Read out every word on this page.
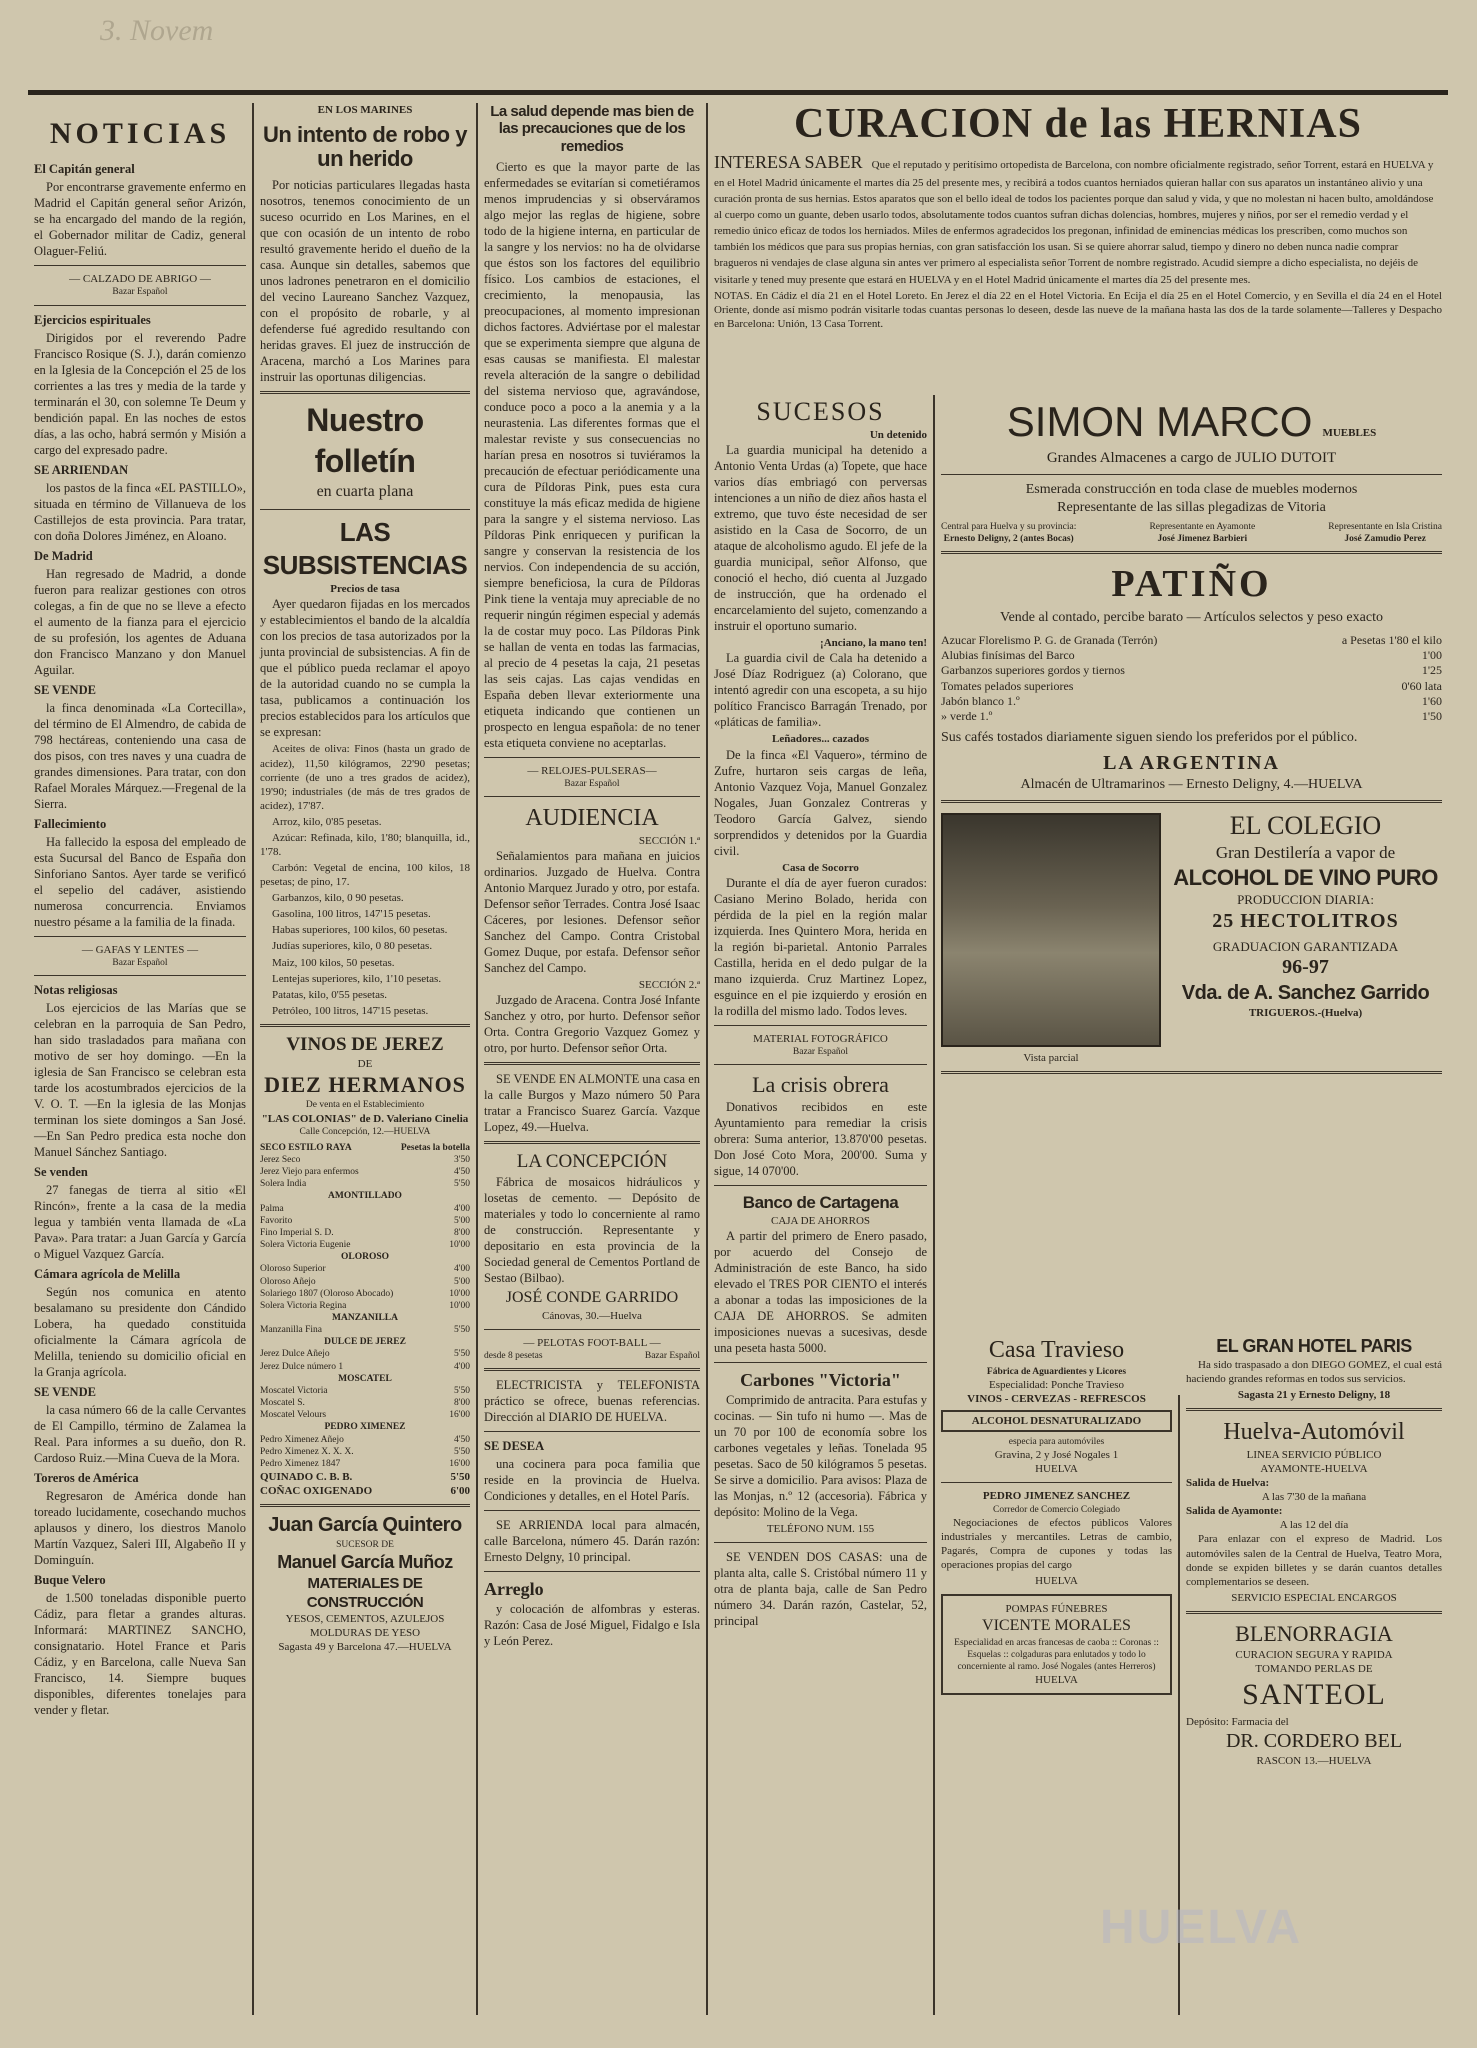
3. Novem
NOTICIAS
El Capitán general

Por encontrarse gravemente enfermo en Madrid el Capitán general señor Arizón, se ha encargado del mando de la región, el Gobernador militar de Cadiz, general Olaguer-Feliú.

— CALZADO DE ABRIGO —
Bazar Español
Ejercicios espirituales

Dirigidos por el reverendo Padre Francisco Rosique (S. J.), darán comienzo en la Iglesia de la Concepción el 25 de los corrientes a las tres y media de la tarde y terminarán el 30, con solemne Te Deum y bendición papal. En las noches de estos días, a las ocho, habrá sermón y Misión a cargo del expresado padre.

SE ARRIENDAN

los pastos de la finca «EL PASTILLO», situada en término de Villanueva de los Castillejos de esta provincia. Para tratar, con doña Dolores Jiménez, en Aloano.

De Madrid

Han regresado de Madrid, a donde fueron para realizar gestiones con otros colegas, a fin de que no se lleve a efecto el aumento de la fianza para el ejercicio de su profesión, los agentes de Aduana don Francisco Manzano y don Manuel Aguilar.

SE VENDE

la finca denominada «La Cortecilla», del término de El Almendro, de cabida de 798 hectáreas, conteniendo una casa de dos pisos, con tres naves y una cuadra de grandes dimensiones. Para tratar, con don Rafael Morales Márquez.—Fregenal de la Sierra.

Fallecimiento

Ha fallecido la esposa del empleado de esta Sucursal del Banco de España don Sinforiano Santos. Ayer tarde se verificó el sepelio del cadáver, asistiendo numerosa concurrencia. Enviamos nuestro pésame a la familia de la finada.

— GAFAS Y LENTES —
Bazar Español
Notas religiosas

Los ejercicios de las Marías que se celebran en la parroquia de San Pedro, han sido trasladados para mañana con motivo de ser hoy domingo. —En la iglesia de San Francisco se celebran esta tarde los acostumbrados ejercicios de la V. O. T. —En la iglesia de las Monjas terminan los siete domingos a San José. —En San Pedro predica esta noche don Manuel Sánchez Santiago.

Se venden

27 fanegas de tierra al sitio «El Rincón», frente a la casa de la media legua y también venta llamada de «La Pava». Para tratar: a Juan García y García o Miguel Vazquez García.

Cámara agrícola de Melilla

Según nos comunica en atento besalamano su presidente don Cándido Lobera, ha quedado constituida oficialmente la Cámara agrícola de Melilla, teniendo su domicilio oficial en la Granja agrícola.

SE VENDE

la casa número 66 de la calle Cervantes de El Campillo, término de Zalamea la Real. Para informes a su dueño, don R. Cardoso Ruiz.—Mina Cueva de la Mora.

Toreros de América

Regresaron de América donde han toreado lucidamente, cosechando muchos aplausos y dinero, los diestros Manolo Martín Vazquez, Saleri III, Algabeño II y Dominguín.

Buque Velero

de 1.500 toneladas disponible puerto Cádiz, para fletar a grandes alturas. Informará: MARTINEZ SANCHO, consignatario. Hotel France et Paris Cádiz, y en Barcelona, calle Nueva San Francisco, 14. Siempre buques disponibles, diferentes tonelajes para vender y fletar.

EN LOS MARINES
Un intento de robo y un herido

Por noticias particulares llegadas hasta nosotros, tenemos conocimiento de un suceso ocurrido en Los Marines, en el que con ocasión de un intento de robo resultó gravemente herido el dueño de la casa. Aunque sin detalles, sabemos que unos ladrones penetraron en el domicilio del vecino Laureano Sanchez Vazquez, con el propósito de robarle, y al defenderse fué agredido resultando con heridas graves. El juez de instrucción de Aracena, marchó a Los Marines para instruir las oportunas diligencias.

Nuestro folletín
en cuarta plana
LAS SUBSISTENCIAS
Precios de tasa

Ayer quedaron fijadas en los mercados y establecimientos el bando de la alcaldía con los precios de tasa autorizados por la junta provincial de subsistencias. A fin de que el público pueda reclamar el apoyo de la autoridad cuando no se cumpla la tasa, publicamos a continuación los precios establecidos para los artículos que se expresan:

Aceites de oliva: Finos (hasta un grado de acidez), 11,50 kilógramos, 22'90 pesetas; corriente (de uno a tres grados de acidez), 19'90; industriales (de más de tres grados de acidez), 17'87.

Arroz, kilo, 0'85 pesetas.

Azúcar: Refinada, kilo, 1'80; blanquilla, id., 1'78.

Carbón: Vegetal de encina, 100 kilos, 18 pesetas; de pino, 17.

Garbanzos, kilo, 0 90 pesetas.

Gasolina, 100 litros, 147'15 pesetas.

Habas superiores, 100 kilos, 60 pesetas.

Judías superiores, kilo, 0 80 pesetas.

Maiz, 100 kilos, 50 pesetas.

Lentejas superiores, kilo, 1'10 pesetas.

Patatas, kilo, 0'55 pesetas.

Petróleo, 100 litros, 147'15 pesetas.

VINOS DE JEREZ
DE
DIEZ HERMANOS
De venta en el Establecimiento
"LAS COLONIAS" de D. Valeriano Cinelia
Calle Concepción, 12.—HUELVA
SECO ESTILO RAYA	Pesetas la botella
Jerez Seco	3'50
Jerez Viejo para enfermos	4'50
Solera India	5'50
AMONTILLADO
Palma	4'00
Favorito	5'00
Fino Imperial S. D.	8'00
Solera Victoria Eugenie	10'00
OLOROSO
Oloroso Superior	4'00
Oloroso Añejo	5'00
Solariego 1807 (Oloroso Abocado)	10'00
Solera Victoria Regina	10'00
MANZANILLA
Manzanilla Fina	5'50
DULCE DE JEREZ
Jerez Dulce Añejo	5'50
Jerez Dulce número 1	4'00
MOSCATEL
Moscatel Victoria	5'50
Moscatel S.	8'00
Moscatel Velours	16'00
PEDRO XIMENEZ
Pedro Ximenez Añejo	4'50
Pedro Ximenez X. X. X.	5'50
Pedro Ximenez 1847	16'00
QUINADO C. B. B.	5'50
COÑAC OXIGENADO	6'00
Juan García Quintero
SUCESOR DE
Manuel García Muñoz
MATERIALES DE CONSTRUCCIÓN
YESOS, CEMENTOS, AZULEJOS
MOLDURAS DE YESO
Sagasta 49 y Barcelona 47.—HUELVA
La salud depende mas bien de las precauciones que de los remedios

Cierto es que la mayor parte de las enfermedades se evitarían si cometiéramos menos imprudencias y si observáramos algo mejor las reglas de higiene, sobre todo de la higiene interna, en particular de la sangre y los nervios: no ha de olvidarse que éstos son los factores del equilibrio físico. Los cambios de estaciones, el crecimiento, la menopausia, las preocupaciones, al momento impresionan dichos factores. Adviértase por el malestar que se experimenta siempre que alguna de esas causas se manifiesta. El malestar revela alteración de la sangre o debilidad del sistema nervioso que, agravándose, conduce poco a poco a la anemia y a la neurastenia. Las diferentes formas que el malestar reviste y sus consecuencias no harían presa en nosotros si tuviéramos la precaución de efectuar periódicamente una cura de Píldoras Pink, pues esta cura constituye la más eficaz medida de higiene para la sangre y el sistema nervioso. Las Píldoras Pink enriquecen y purifican la sangre y conservan la resistencia de los nervios. Con independencia de su acción, siempre beneficiosa, la cura de Píldoras Pink tiene la ventaja muy apreciable de no requerir ningún régimen especial y además la de costar muy poco. Las Píldoras Pink se hallan de venta en todas las farmacias, al precio de 4 pesetas la caja, 21 pesetas las seis cajas. Las cajas vendidas en España deben llevar exteriormente una etiqueta indicando que contienen un prospecto en lengua española: de no tener esta etiqueta conviene no aceptarlas.

— RELOJES-PULSERAS—
Bazar Español
AUDIENCIA
SECCIÓN 1.ª

Señalamientos para mañana en juicios ordinarios. Juzgado de Huelva. Contra Antonio Marquez Jurado y otro, por estafa. Defensor señor Terrades. Contra José Isaac Cáceres, por lesiones. Defensor señor Sanchez del Campo. Contra Cristobal Gomez Duque, por estafa. Defensor señor Sanchez del Campo.

SECCIÓN 2.ª

Juzgado de Aracena. Contra José Infante Sanchez y otro, por hurto. Defensor señor Orta. Contra Gregorio Vazquez Gomez y otro, por hurto. Defensor señor Orta.

SE VENDE EN ALMONTE una casa en la calle Burgos y Mazo número 50 Para tratar a Francisco Suarez García. Vazque Lopez, 49.—Huelva.

LA CONCEPCIÓN

Fábrica de mosaicos hidráulicos y losetas de cemento. — Depósito de materiales y todo lo concerniente al ramo de construcción. Representante y depositario en esta provincia de la Sociedad general de Cementos Portland de Sestao (Bilbao).

JOSÉ CONDE GARRIDO
Cánovas, 30.—Huelva
— PELOTAS FOOT-BALL —
desde 8 pesetas	Bazar Español

ELECTRICISTA y TELEFONISTA práctico se ofrece, buenas referencias. Dirección al DIARIO DE HUELVA.

SE DESEA

una cocinera para poca familia que reside en la provincia de Huelva. Condiciones y detalles, en el Hotel París.

SE ARRIENDA local para almacén, calle Barcelona, número 45. Darán razón: Ernesto Delgny, 10 principal.

Arreglo

y colocación de alfombras y esteras. Razón: Casa de José Miguel, Fidalgo e Isla y León Perez.

CURACION de las HERNIAS
INTERESA SABER Que el reputado y peritísimo ortopedista de Barcelona, con nombre oficialmente registrado, señor Torrent, estará en HUELVA y en el Hotel Madrid únicamente el martes día 25 del presente mes, y recibirá a todos cuantos herniados quieran hallar con sus aparatos un instantáneo alivio y una curación pronta de sus hernias. Estos aparatos que son el bello ideal de todos los pacientes porque dan salud y vida, y que no molestan ni hacen bulto, amoldándose al cuerpo como un guante, deben usarlo todos, absolutamente todos cuantos sufran dichas dolencias, hombres, mujeres y niños, por ser el remedio verdad y el remedio único eficaz de todos los herniados. Miles de enfermos agradecidos los pregonan, infinidad de eminencias médicas los prescriben, como muchos son también los médicos que para sus propias hernias, con gran satisfacción los usan. Si se quiere ahorrar salud, tiempo y dinero no deben nunca nadie comprar bragueros ni vendajes de clase alguna sin antes ver primero al especialista señor Torrent de nombre registrado. Acudid siempre a dicho especialista, no dejéis de visitarle y tened muy presente que estará en HUELVA y en el Hotel Madrid únicamente el martes día 25 del presente mes.
NOTAS. En Cádiz el día 21 en el Hotel Loreto. En Jerez el día 22 en el Hotel Victoria. En Ecija el día 25 en el Hotel Comercio, y en Sevilla el día 24 en el Hotel Oriente, donde así mismo podrán visitarle todas cuantas personas lo deseen, desde las nueve de la mañana hasta las dos de la tarde solamente—Talleres y Despacho en Barcelona: Unión, 13 Casa Torrent.
SUCESOS
Un detenido

La guardia municipal ha detenido a Antonio Venta Urdas (a) Topete, que hace varios días embriagó con perversas intenciones a un niño de diez años hasta el extremo, que tuvo éste necesidad de ser asistido en la Casa de Socorro, de un ataque de alcoholismo agudo. El jefe de la guardia municipal, señor Alfonso, que conoció el hecho, dió cuenta al Juzgado de instrucción, que ha ordenado el encarcelamiento del sujeto, comenzando a instruir el oportuno sumario.

¡Anciano, la mano ten!

La guardia civil de Cala ha detenido a José Díaz Rodriguez (a) Colorano, que intentó agredir con una escopeta, a su hijo político Francisco Barragán Trenado, por «pláticas de familia».

Leñadores... cazados

De la finca «El Vaquero», término de Zufre, hurtaron seis cargas de leña, Antonio Vazquez Voja, Manuel Gonzalez Nogales, Juan Gonzalez Contreras y Teodoro García Galvez, siendo sorprendidos y detenidos por la Guardia civil.

Casa de Socorro

Durante el día de ayer fueron curados: Casiano Merino Bolado, herida con pérdida de la piel en la región malar izquierda. Ines Quintero Mora, herida en la región bi-parietal. Antonio Parrales Castilla, herida en el dedo pulgar de la mano izquierda. Cruz Martinez Lopez, esguince en el pie izquierdo y erosión en la rodilla del mismo lado. Todos leves.

MATERIAL FOTOGRÁFICO
Bazar Español
La crisis obrera

Donativos recibidos en este Ayuntamiento para remediar la crisis obrera: Suma anterior, 13.870'00 pesetas. Don José Coto Mora, 200'00. Suma y sigue, 14 070'00.

Banco de Cartagena
CAJA DE AHORROS

A partir del primero de Enero pasado, por acuerdo del Consejo de Administración de este Banco, ha sido elevado el TRES POR CIENTO el interés a abonar a todas las imposiciones de la CAJA DE AHORROS. Se admiten imposiciones nuevas a sucesivas, desde una peseta hasta 5000.

Carbones "Victoria"

Comprimido de antracita. Para estufas y cocinas. — Sin tufo ni humo —. Mas de un 70 por 100 de economía sobre los carbones vegetales y leñas. Tonelada 95 pesetas. Saco de 50 kilógramos 5 pesetas. Se sirve a domicilio. Para avisos: Plaza de las Monjas, n.º 12 (accesoria). Fábrica y depósito: Molino de la Vega.

TELÉFONO NUM. 155

SE VENDEN DOS CASAS: una de planta alta, calle S. Cristóbal número 11 y otra de planta baja, calle de San Pedro número 34. Darán razón, Castelar, 52, principal

SIMON MARCO MUEBLES
Grandes Almacenes a cargo de JULIO DUTOIT
Esmerada construcción en toda clase de muebles modernos
Representante de las sillas plegadizas de Vitoria
Central para Huelva y su provincia:
Ernesto Deligny, 2 (antes Bocas)
Representante en Ayamonte
José Jimenez Barbieri
Representante en Isla Cristina
José Zamudio Perez
PATIÑO
Vende al contado, percibe barato — Artículos selectos y peso exacto
Azucar Florelismo P. G. de Granada (Terrón)	a Pesetas 1'80 el kilo
Alubias finísimas del Barco	1'00
Garbanzos superiores gordos y tiernos	1'25
Tomates pelados superiores	0'60 lata
Jabón blanco 1.º	1'60
» verde 1.º	1'50
Sus cafés tostados diariamente siguen siendo los preferidos por el público.
LA ARGENTINA
Almacén de Ultramarinos — Ernesto Deligny, 4.—HUELVA
Vista parcial
EL COLEGIO
Gran Destilería a vapor de
ALCOHOL DE VINO PURO
PRODUCCION DIARIA:
25 HECTOLITROS
GRADUACION GARANTIZADA
96-97
Vda. de A. Sanchez Garrido
TRIGUEROS.-(Huelva)
Casa Travieso
Fábrica de Aguardientes y Licores
Especialidad: Ponche Travieso
VINOS - CERVEZAS - REFRESCOS
ALCOHOL DESNATURALIZADO
especia para automóviles
Gravina, 2 y José Nogales 1
HUELVA
PEDRO JIMENEZ SANCHEZ
Corredor de Comercio Colegiado

Negociaciones de efectos públicos Valores industriales y mercantiles. Letras de cambio, Pagarés, Compra de cupones y todas las operaciones propias del cargo

HUELVA
POMPAS FÚNEBRES
VICENTE MORALES
Especialidad en arcas francesas de caoba :: Coronas :: Esquelas :: colgaduras para enlutados y todo lo concerniente al ramo. José Nogales (antes Herreros)
HUELVA
EL GRAN HOTEL PARIS

Ha sido traspasado a don DIEGO GOMEZ, el cual está haciendo grandes reformas en todos sus servicios.

Sagasta 21 y Ernesto Deligny, 18
Huelva-Automóvil
LINEA SERVICIO PÚBLICO
AYAMONTE-HUELVA
Salida de Huelva:
A las 7'30 de la mañana
Salida de Ayamonte:
A las 12 del día

Para enlazar con el expreso de Madrid. Los automóviles salen de la Central de Huelva, Teatro Mora, donde se expiden billetes y se darán cuantos detalles complementarios se deseen.

SERVICIO ESPECIAL ENCARGOS
BLENORRAGIA
CURACION SEGURA Y RAPIDA
TOMANDO PERLAS DE
SANTEOL
Depósito: Farmacia del
DR. CORDERO BEL
RASCON 13.—HUELVA
HUELVA
